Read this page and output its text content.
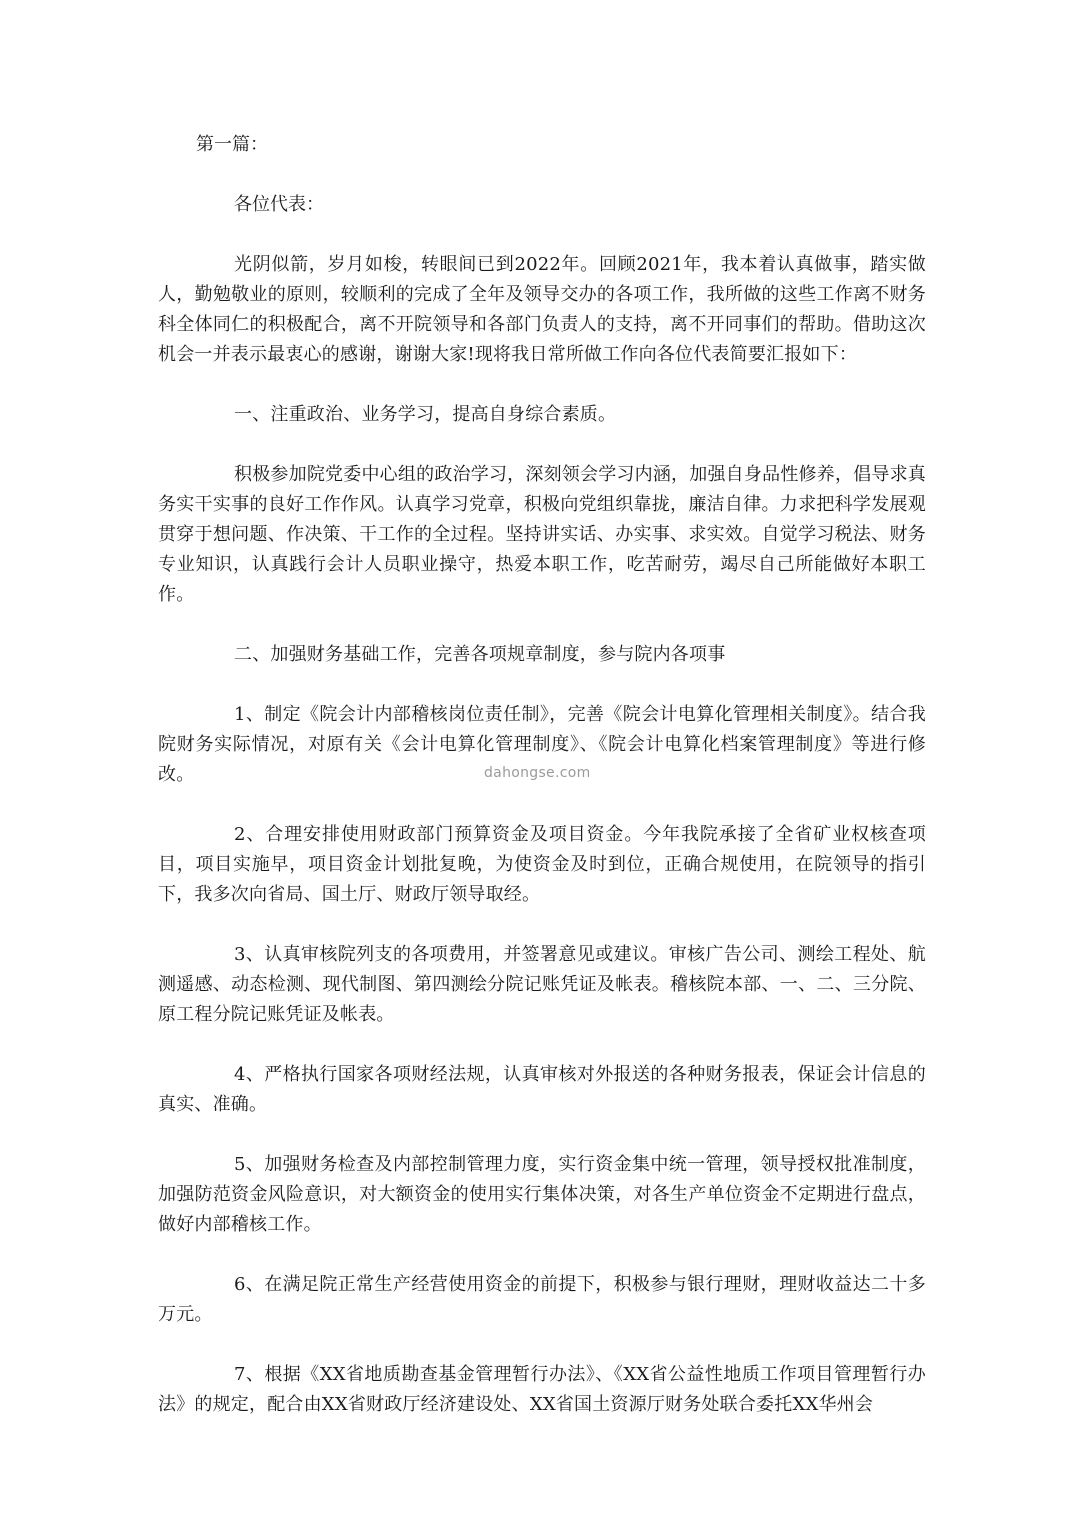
第一篇：
各位代表：

光阴似箭，岁月如梭，转眼间已到2022年。回顾2021年，我本着认真做事，踏实做人，勤勉敬业的原则，较顺利的完成了全年及领导交办的各项工作，我所做的这些工作离不财务科全体同仁的积极配合，离不开院领导和各部门负责人的支持，离不开同事们的帮助。借助这次机会一并表示最衷心的感谢，谢谢大家!现将我日常所做工作向各位代表简要汇报如下：

一、注重政治、业务学习，提高自身综合素质。

积极参加院党委中心组的政治学习，深刻领会学习内涵，加强自身品性修养，倡导求真务实干实事的良好工作作风。认真学习党章，积极向党组织靠拢，廉洁自律。力求把科学发展观贯穿于想问题、作决策、干工作的全过程。坚持讲实话、办实事、求实效。自觉学习税法、财务专业知识，认真践行会计人员职业操守，热爱本职工作，吃苦耐劳，竭尽自己所能做好本职工作。

二、加强财务基础工作，完善各项规章制度，参与院内各项事

1、制定《院会计内部稽核岗位责任制》，完善《院会计电算化管理相关制度》。结合我院财务实际情况，对原有关《会计电算化管理制度》、《院会计电算化档案管理制度》等进行修改。

2、合理安排使用财政部门预算资金及项目资金。今年我院承接了全省矿业权核查项目，项目实施早，项目资金计划批复晚，为使资金及时到位，正确合规使用，在院领导的指引下，我多次向省局、国土厅、财政厅领导取经。

3、认真审核院列支的各项费用，并签署意见或建议。审核广告公司、测绘工程处、航测遥感、动态检测、现代制图、第四测绘分院记账凭证及帐表。稽核院本部、一、二、三分院、原工程分院记账凭证及帐表。

4、严格执行国家各项财经法规，认真审核对外报送的各种财务报表，保证会计信息的真实、准确。

5、加强财务检查及内部控制管理力度，实行资金集中统一管理，领导授权批准制度，加强防范资金风险意识，对大额资金的使用实行集体决策，对各生产单位资金不定期进行盘点，做好内部稽核工作。

6、在满足院正常生产经营使用资金的前提下，积极参与银行理财，理财收益达二十多万元。

7、根据《XX省地质勘查基金管理暂行办法》、《XX省公益性地质工作项目管理暂行办法》的规定，配合由XX省财政厅经济建设处、XX省国土资源厅财务处联合委托XX华州会

dahongse.com
